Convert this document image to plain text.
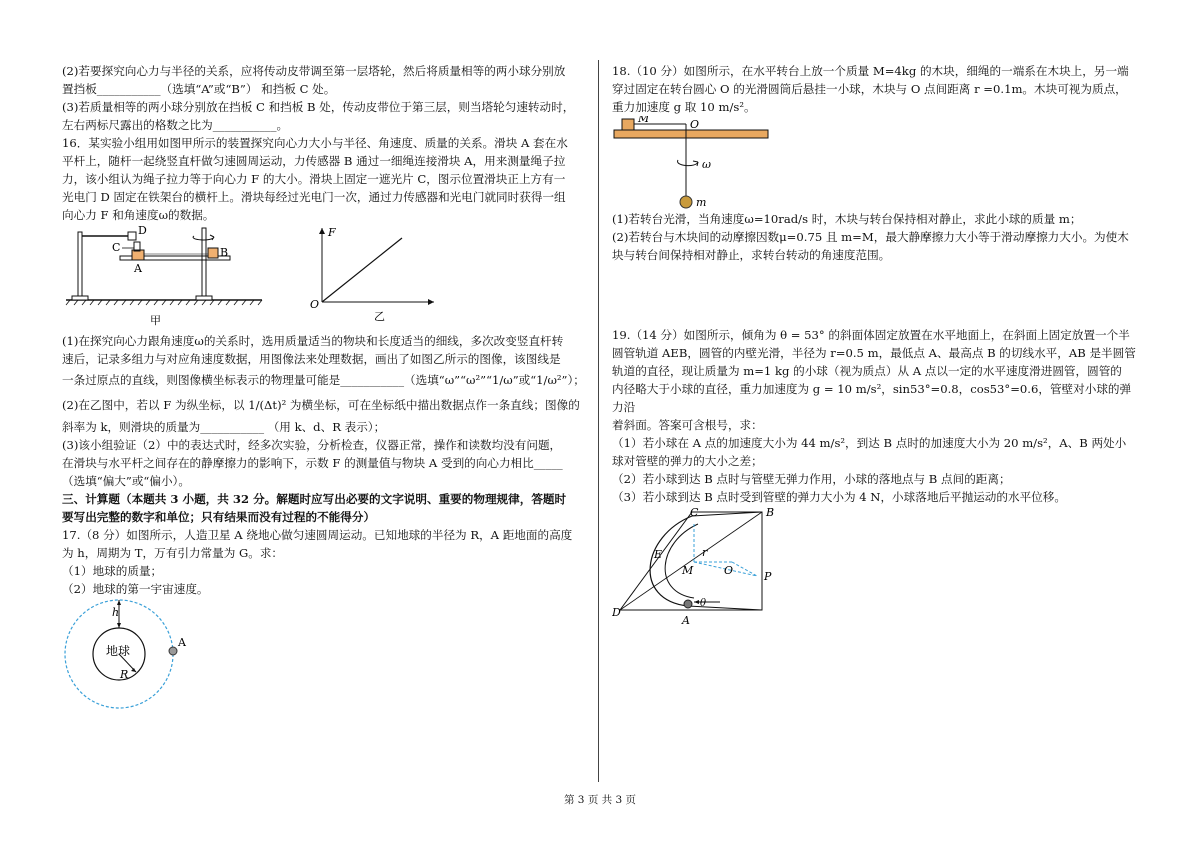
(2)若要探究向心力与半径的关系，应将传动皮带调至第一层塔轮，然后将质量相等的两小球分别放

置挡板___________（选填“A”或“B”） 和挡板 C 处。

(3)若质量相等的两小球分别放在挡板 C 和挡板 B 处，传动皮带位于第三层，则当塔轮匀速转动时，

左右两标尺露出的格数之比为___________。

16．某实验小组用如图甲所示的装置探究向心力大小与半径、角速度、质量的关系。滑块 A 套在水

平杆上，随杆一起绕竖直杆做匀速圆周运动，力传感器 B 通过一细绳连接滑块 A，用来测量绳子拉

力，该小组认为绳子拉力等于向心力 F 的大小。滑块上固定一遮光片 C，图示位置滑块正上方有一

光电门 D 固定在铁架台的横杆上。滑块每经过光电门一次，通过力传感器和光电门就同时获得一组

向心力 F 和角速度ω的数据。

D
C	B
A
甲
F
O
乙

(1)在探究向心力跟角速度ω的关系时，选用质量适当的物块和长度适当的细线，多次改变竖直杆转

速后，记录多组力与对应角速度数据，用图像法来处理数据，画出了如图乙所示的图像，该图线是

一条过原点的直线，则图像横坐标表示的物理量可能是___________（选填“ω”“ω²”“1/ω”或“1/ω²”）；

(2)在乙图中，若以 F 为纵坐标，以 1/(Δt)² 为横坐标，可在坐标纸中描出数据点作一条直线；图像的

斜率为 k，则滑块的质量为___________ （用 k、d、R 表示）；

(3)该小组验证（2）中的表达式时，经多次实验，分析检查，仪器正常，操作和读数均没有问题，

在滑块与水平杆之间存在的静摩擦力的影响下，示数 F 的测量值与物块 A 受到的向心力相比_____

（选填“偏大”或“偏小）。

三、计算题（本题共 3 小题，共 32 分。解题时应写出必要的文字说明、重要的物理规律，答题时

要写出完整的数字和单位；只有结果而没有过程的不能得分）

17.（8 分）如图所示，人造卫星 A 绕地心做匀速圆周运动。已知地球的半径为 R，A 距地面的高度

为 h，周期为 T，万有引力常量为 G。求：

（1）地球的质量；

（2）地球的第一宇宙速度。

h
地球
R
A

18.（10 分）如图所示，在水平转台上放一个质量 M=4kg 的木块，细绳的一端系在木块上，另一端

穿过固定在转台圆心 O 的光滑圆筒后悬挂一小球，木块与 O 点间距离 r =0.1m。木块可视为质点，

重力加速度 g 取 10 m/s²。

M	O
ω
m

(1)若转台光滑，当角速度ω=10rad/s 时，木块与转台保持相对静止，求此小球的质量 m；

(2)若转台与木块间的动摩擦因数μ=0.75 且 m=M，最大静摩擦力大小等于滑动摩擦力大小。为使木

块与转台间保持相对静止，求转台转动的角速度范围。

19.（14 分）如图所示，倾角为 θ = 53° 的斜面体固定放置在水平地面上，在斜面上固定放置一个半

圆管轨道 AEB，圆管的内壁光滑，半径为 r=0.5 m，最低点 A、最高点 B 的切线水平，AB 是半圆管

轨道的直径，现让质量为 m=1 kg 的小球（视为质点）从 A 点以一定的水平速度滑进圆管，圆管的

内径略大于小球的直径，重力加速度为 g = 10 m/s²，sin53°=0.8，cos53°=0.6，管壁对小球的弹力沿

着斜面。答案可含根号，求：

（1）若小球在 A 点的加速度大小为 44 m/s²，到达 B 点时的加速度大小为 20 m/s²，A、B 两处小

球对管壁的弹力的大小之差；

（2）若小球到达 B 点时与管壁无弹力作用，小球的落地点与 B 点间的距离；

（3）若小球到达 B 点时受到管壁的弹力大小为 4 N，小球落地后平抛运动的水平位移。

C	B
E	r
M	O	P
D
θ
A
第 3 页 共 3 页
